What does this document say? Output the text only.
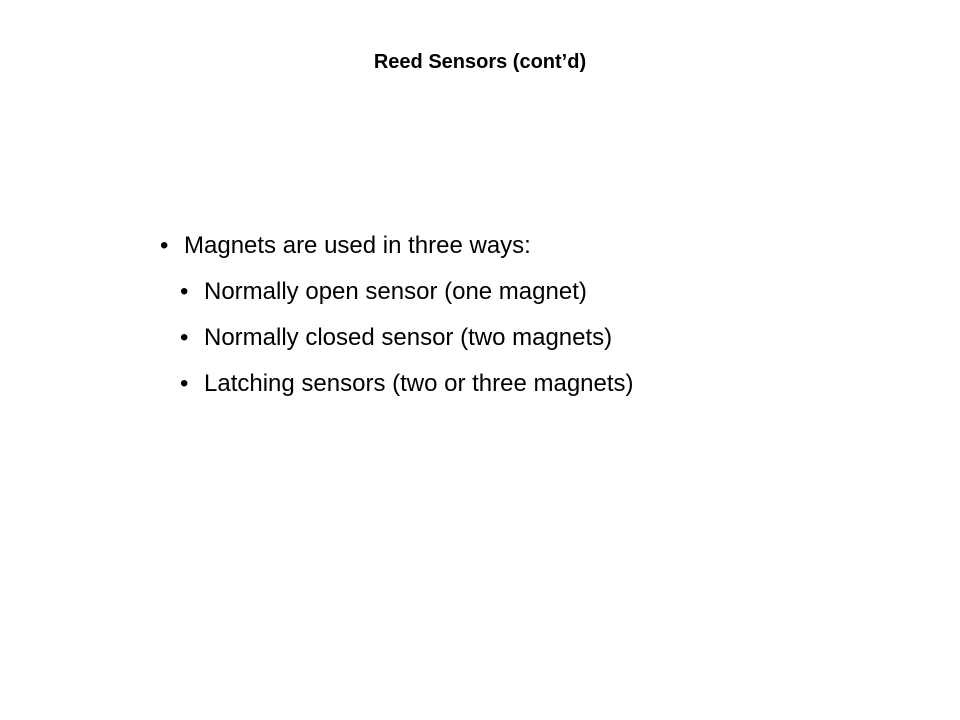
Reed Sensors (cont’d)
• Magnets are used in three ways:
• Normally open sensor (one magnet)
• Normally closed sensor (two magnets)
• Latching sensors (two or three magnets)
